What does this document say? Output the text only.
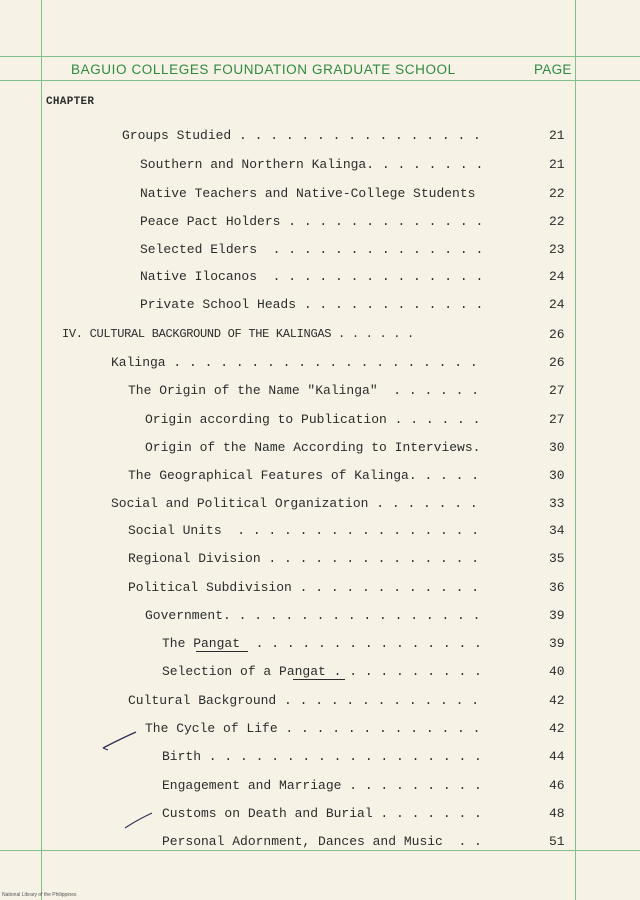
BAGUIO COLLEGES FOUNDATION GRADUATE SCHOOL	PAGE
CHAPTER
Groups Studied . . . . . . . . . . . . . . . .	21
Southern and Northern Kalinga. . . . . . . .	21
Native Teachers and Native-College Students	22
Peace Pact Holders . . . . . . . . . . . . .	22
Selected Elders  . . . . . . . . . . . . . .	23
Native Ilocanos  . . . . . . . . . . . . . .	24
Private School Heads . . . . . . . . . . . .	24
IV. CULTURAL BACKGROUND OF THE KALINGAS . . . . . .	26
Kalinga . . . . . . . . . . . . . . . . . . . .	26
The Origin of the Name "Kalinga"  . . . . . .	27
Origin according to Publication . . . . . .	27
Origin of the Name According to Interviews.	30
The Geographical Features of Kalinga. . . . .	30
Social and Political Organization . . . . . . .	33
Social Units  . . . . . . . . . . . . . . . .	34
Regional Division . . . . . . . . . . . . . .	35
Political Subdivision . . . . . . . . . . . .	36
Government. . . . . . . . . . . . . . . . .	39
The Pangat  . . . . . . . . . . . . . . .	39
Selection of a Pangat . . . . . . . . . .	40
Cultural Background . . . . . . . . . . . . .	42
The Cycle of Life . . . . . . . . . . . . .	42
Birth . . . . . . . . . . . . . . . . . .	44
Engagement and Marriage . . . . . . . . .	46
Customs on Death and Burial . . . . . . .	48
Personal Adornment, Dances and Music  . .	51
National Library of the Philippines
